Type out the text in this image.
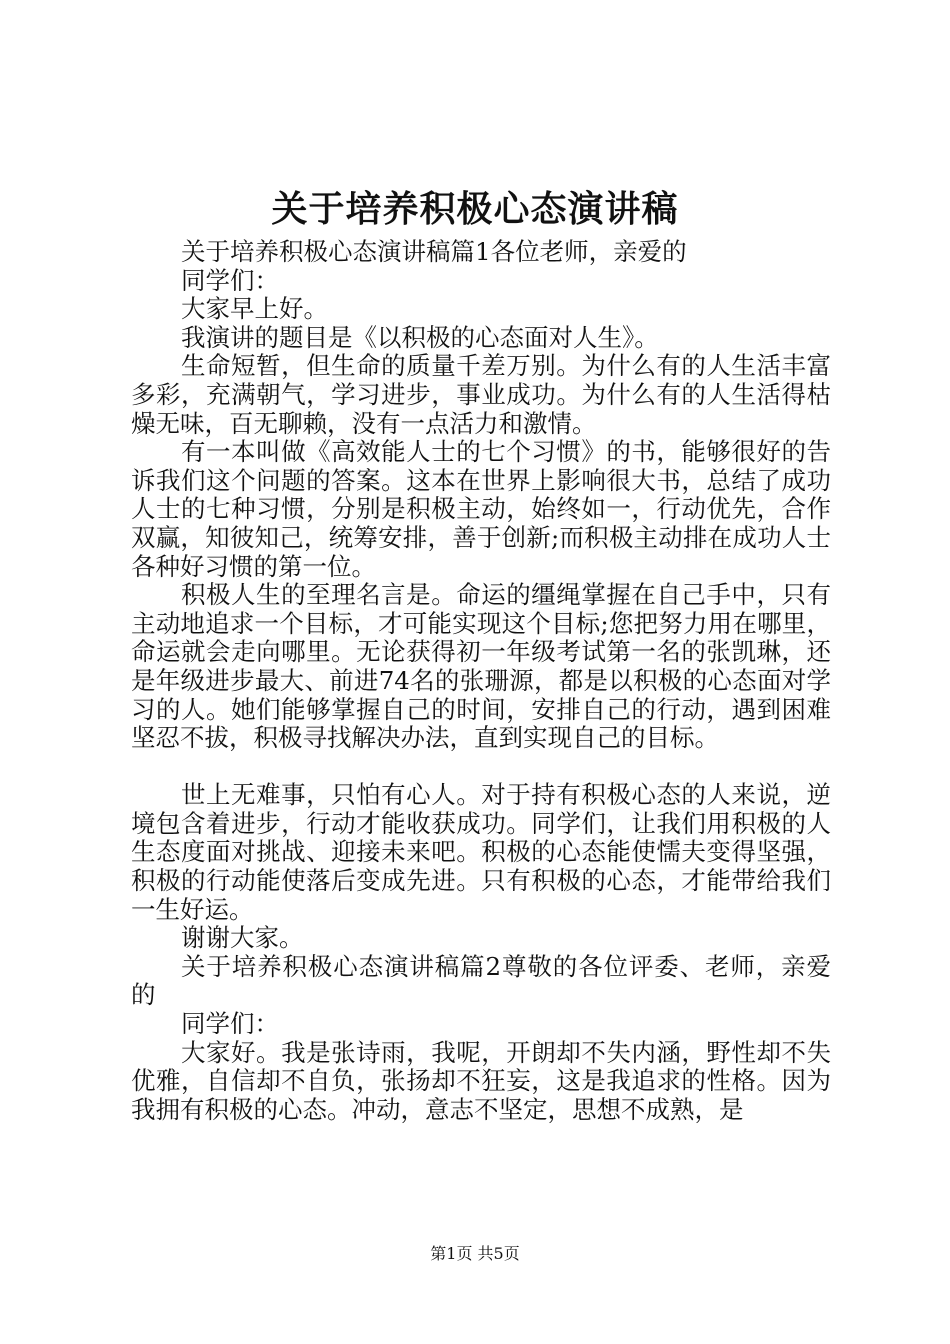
关于培养积极心态演讲稿

关于培养积极心态演讲稿篇1各位老师，亲爱的

同学们：

大家早上好。

我演讲的题目是《以积极的心态面对人生》。

生命短暂，但生命的质量千差万别。为什么有的人生活丰富多彩，充满朝气，学习进步，事业成功。为什么有的人生活得枯燥无味，百无聊赖，没有一点活力和激情。

有一本叫做《高效能人士的七个习惯》的书，能够很好的告诉我们这个问题的答案。这本在世界上影响很大书，总结了成功人士的七种习惯，分别是积极主动，始终如一，行动优先，合作双赢，知彼知己，统筹安排，善于创新;而积极主动排在成功人士各种好习惯的第一位。

积极人生的至理名言是。命运的缰绳掌握在自己手中，只有主动地追求一个目标，才可能实现这个目标;您把努力用在哪里，命运就会走向哪里。无论获得初一年级考试第一名的张凯琳，还是年级进步最大、前进74名的张珊源，都是以积极的心态面对学习的人。她们能够掌握自己的时间，安排自己的行动，遇到困难坚忍不拔，积极寻找解决办法，直到实现自己的目标。

世上无难事，只怕有心人。对于持有积极心态的人来说，逆境包含着进步，行动才能收获成功。同学们，让我们用积极的人生态度面对挑战、迎接未来吧。积极的心态能使懦夫变得坚强，积极的行动能使落后变成先进。只有积极的心态，才能带给我们一生好运。

谢谢大家。

关于培养积极心态演讲稿篇2尊敬的各位评委、老师，亲爱的

同学们：

大家好。我是张诗雨，我呢，开朗却不失内涵，野性却不失优雅，自信却不自负，张扬却不狂妄，这是我追求的性格。因为我拥有积极的心态。冲动，意志不坚定，思想不成熟，是

第1页 共5页
